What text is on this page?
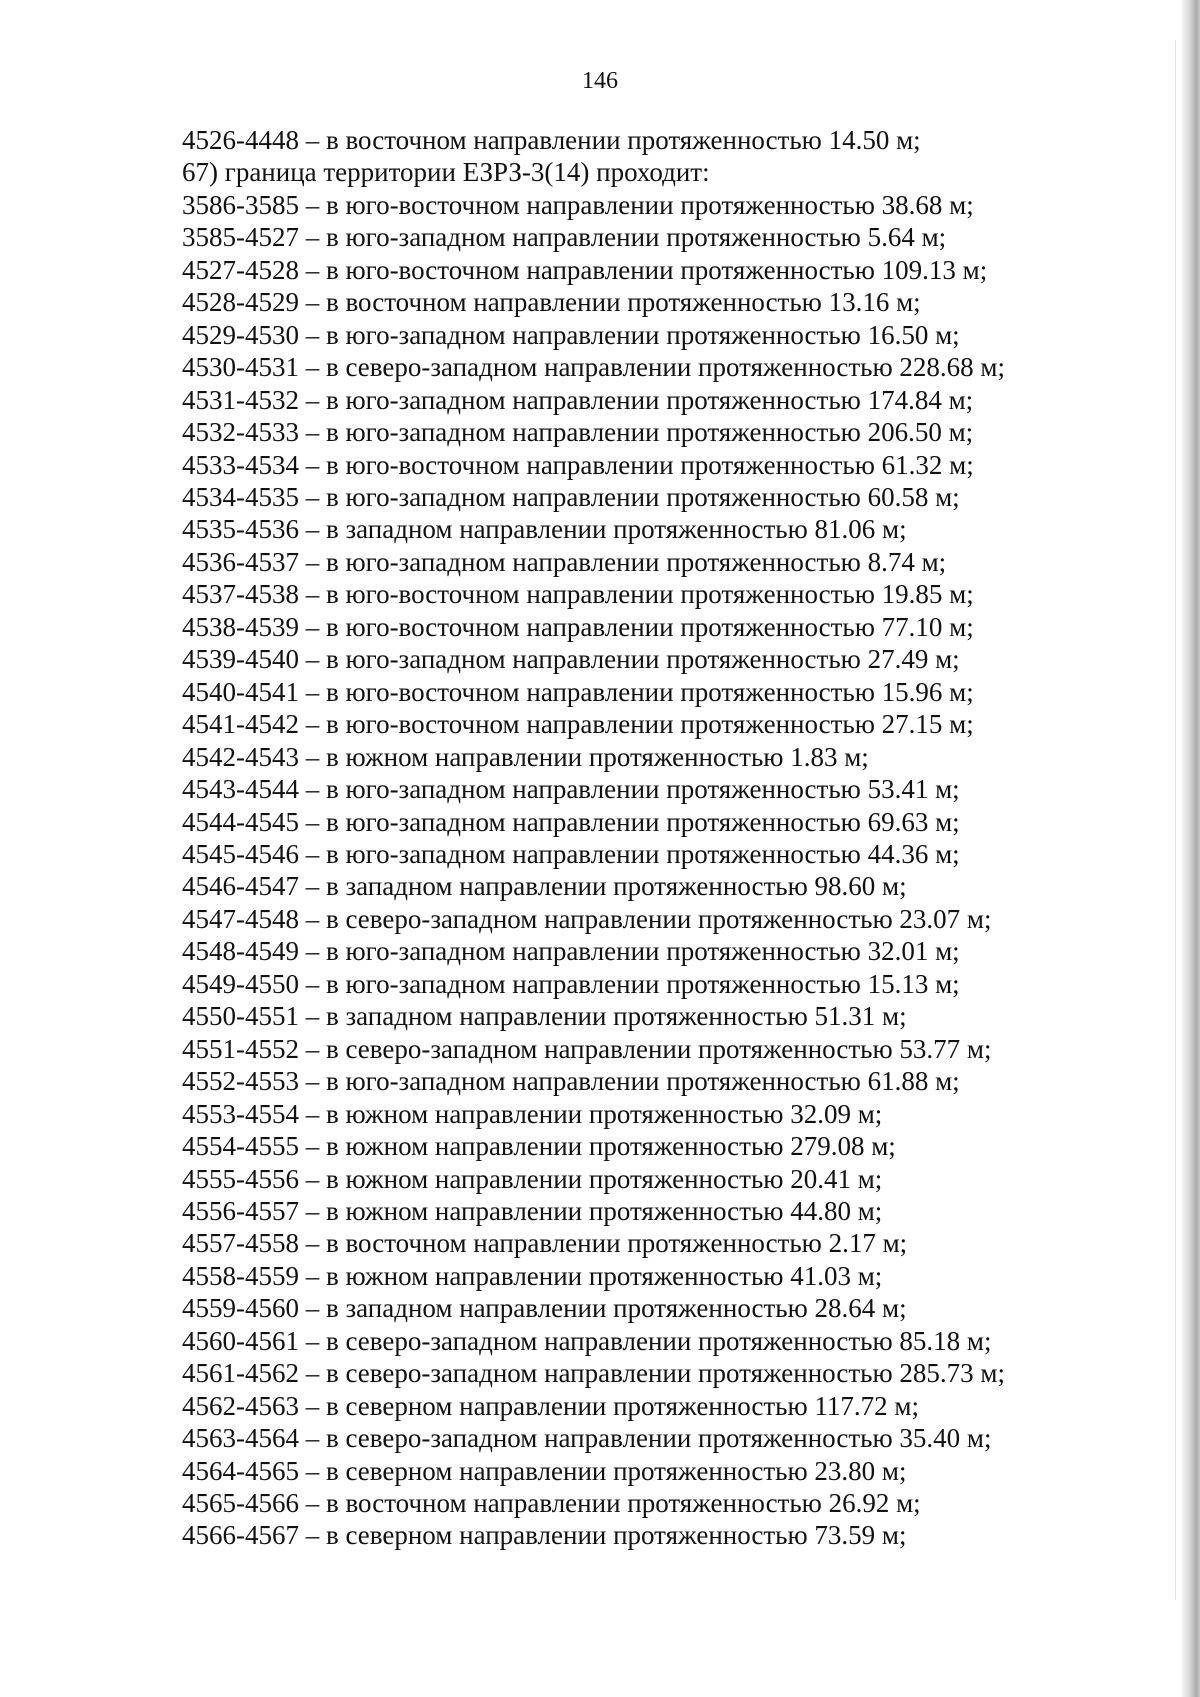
146
4526-4448 – в восточном направлении протяженностью 14.50 м;
67) граница территории ЕЗРЗ-3(14) проходит:
3586-3585 – в юго-восточном направлении протяженностью 38.68 м;
3585-4527 – в юго-западном направлении протяженностью 5.64 м;
4527-4528 – в юго-восточном направлении протяженностью 109.13 м;
4528-4529 – в восточном направлении протяженностью 13.16 м;
4529-4530 – в юго-западном направлении протяженностью 16.50 м;
4530-4531 – в северо-западном направлении протяженностью 228.68 м;
4531-4532 – в юго-западном направлении протяженностью 174.84 м;
4532-4533 – в юго-западном направлении протяженностью 206.50 м;
4533-4534 – в юго-восточном направлении протяженностью 61.32 м;
4534-4535 – в юго-западном направлении протяженностью 60.58 м;
4535-4536 – в западном направлении протяженностью 81.06 м;
4536-4537 – в юго-западном направлении протяженностью 8.74 м;
4537-4538 – в юго-восточном направлении протяженностью 19.85 м;
4538-4539 – в юго-восточном направлении протяженностью 77.10 м;
4539-4540 – в юго-западном направлении протяженностью 27.49 м;
4540-4541 – в юго-восточном направлении протяженностью 15.96 м;
4541-4542 – в юго-восточном направлении протяженностью 27.15 м;
4542-4543 – в южном направлении протяженностью 1.83 м;
4543-4544 – в юго-западном направлении протяженностью 53.41 м;
4544-4545 – в юго-западном направлении протяженностью 69.63 м;
4545-4546 – в юго-западном направлении протяженностью 44.36 м;
4546-4547 – в западном направлении протяженностью 98.60 м;
4547-4548 – в северо-западном направлении протяженностью 23.07 м;
4548-4549 – в юго-западном направлении протяженностью 32.01 м;
4549-4550 – в юго-западном направлении протяженностью 15.13 м;
4550-4551 – в западном направлении протяженностью 51.31 м;
4551-4552 – в северо-западном направлении протяженностью 53.77 м;
4552-4553 – в юго-западном направлении протяженностью 61.88 м;
4553-4554 – в южном направлении протяженностью 32.09 м;
4554-4555 – в южном направлении протяженностью 279.08 м;
4555-4556 – в южном направлении протяженностью 20.41 м;
4556-4557 – в южном направлении протяженностью 44.80 м;
4557-4558 – в восточном направлении протяженностью 2.17 м;
4558-4559 – в южном направлении протяженностью 41.03 м;
4559-4560 – в западном направлении протяженностью 28.64 м;
4560-4561 – в северо-западном направлении протяженностью 85.18 м;
4561-4562 – в северо-западном направлении протяженностью 285.73 м;
4562-4563 – в северном направлении протяженностью 117.72 м;
4563-4564 – в северо-западном направлении протяженностью 35.40 м;
4564-4565 – в северном направлении протяженностью 23.80 м;
4565-4566 – в восточном направлении протяженностью 26.92 м;
4566-4567 – в северном направлении протяженностью 73.59 м;
